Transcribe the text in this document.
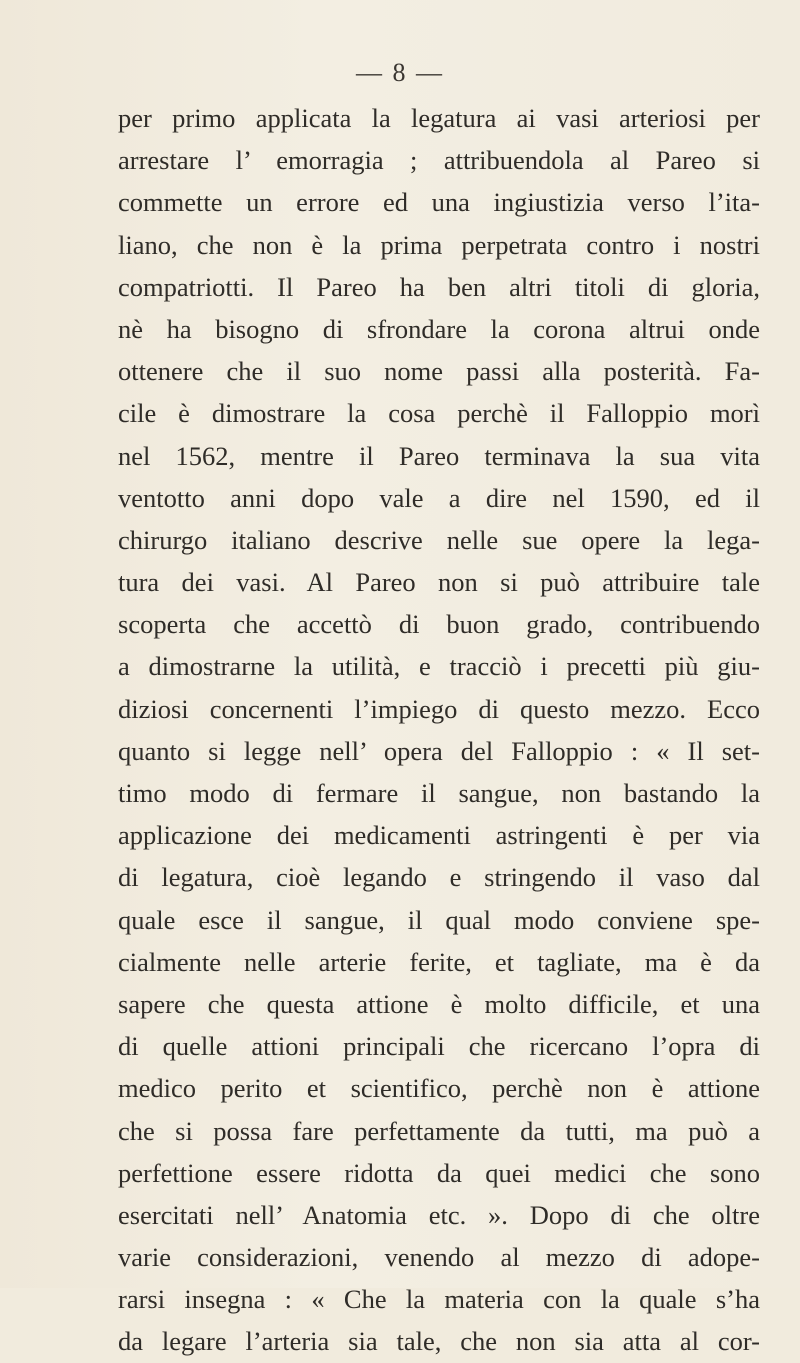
— 8 —
per primo applicata la legatura ai vasi arteriosi per
arrestare l’ emorragia ; attribuendola al Pareo si
commette un errore ed una ingiustizia verso l’ita-
liano, che non è la prima perpetrata contro i nostri
compatriotti. Il Pareo ha ben altri titoli di gloria,
nè ha bisogno di sfrondare la corona altrui onde
ottenere che il suo nome passi alla posterità. Fa-
cile è dimostrare la cosa perchè il Falloppio morì
nel 1562, mentre il Pareo terminava la sua vita
ventotto anni dopo vale a dire nel 1590, ed il
chirurgo italiano descrive nelle sue opere la lega-
tura dei vasi. Al Pareo non si può attribuire tale
scoperta che accettò di buon grado, contribuendo
a dimostrarne la utilità, e tracciò i precetti più giu-
diziosi concernenti l’impiego di questo mezzo. Ecco
quanto si legge nell’ opera del Falloppio : « Il set-
timo modo di fermare il sangue, non bastando la
applicazione dei medicamenti astringenti è per via
di legatura, cioè legando e stringendo il vaso dal
quale esce il sangue, il qual modo conviene spe-
cialmente nelle arterie ferite, et tagliate, ma è da
sapere che questa attione è molto difficile, et una
di quelle attioni principali che ricercano l’opra di
medico perito et scientifico, perchè non è attione
che si possa fare perfettamente da tutti, ma può a
perfettione essere ridotta da quei medici che sono
esercitati nell’ Anatomia etc. ». Dopo di che oltre
varie considerazioni, venendo al mezzo di adope-
rarsi insegna : « Che la materia con la quale s’ha
da legare l’arteria sia tale, che non sia atta al cor-
